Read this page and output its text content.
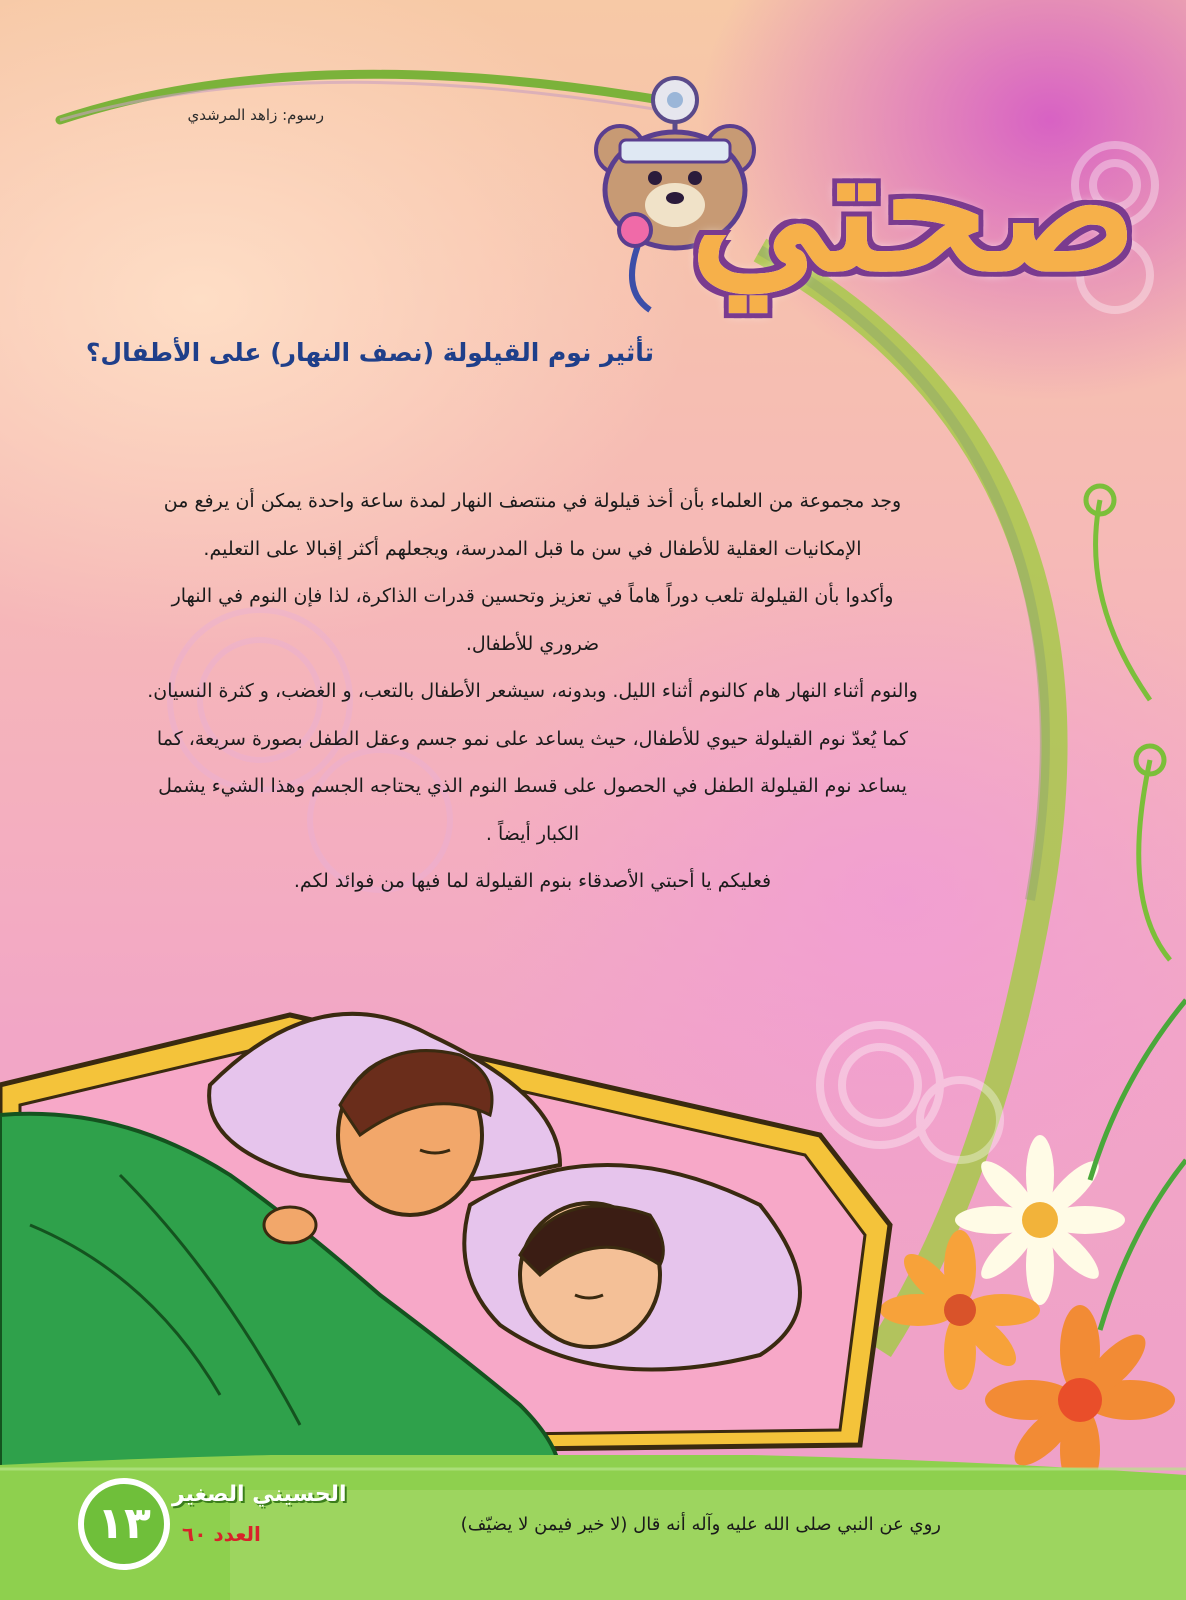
صحتي
رسوم: زاهد المرشدي
تأثير نوم القيلولة (نصف النهار) على الأطفال؟

وجد مجموعة من العلماء بأن أخذ قيلولة في منتصف النهار لمدة ساعة واحدة يمكن أن يرفع من الإمكانيات العقلية للأطفال في سن ما قبل المدرسة، ويجعلهم أكثر إقبالا على التعليم.

وأكدوا بأن القيلولة تلعب دوراً هاماً في تعزيز وتحسين قدرات الذاكرة، لذا فإن النوم في النهار ضروري للأطفال.

والنوم أثناء النهار هام كالنوم أثناء الليل. وبدونه، سيشعر الأطفال بالتعب، و الغضب، و كثرة النسيان.

كما يُعدّ نوم القيلولة حيوي للأطفال، حيث يساعد على نمو جسم وعقل الطفل بصورة سريعة، كما يساعد نوم القيلولة الطفل في الحصول على قسط النوم الذي يحتاجه الجسم وهذا الشيء يشمل الكبار أيضاً .

فعليكم يا أحبتي الأصدقاء بنوم القيلولة لما فيها من فوائد لكم.

روي عن النبي صلى الله عليه وآله أنه قال (لا خير فيمن لا يضيّف)
١٣
الحسيني الصغير
العدد ٦٠
